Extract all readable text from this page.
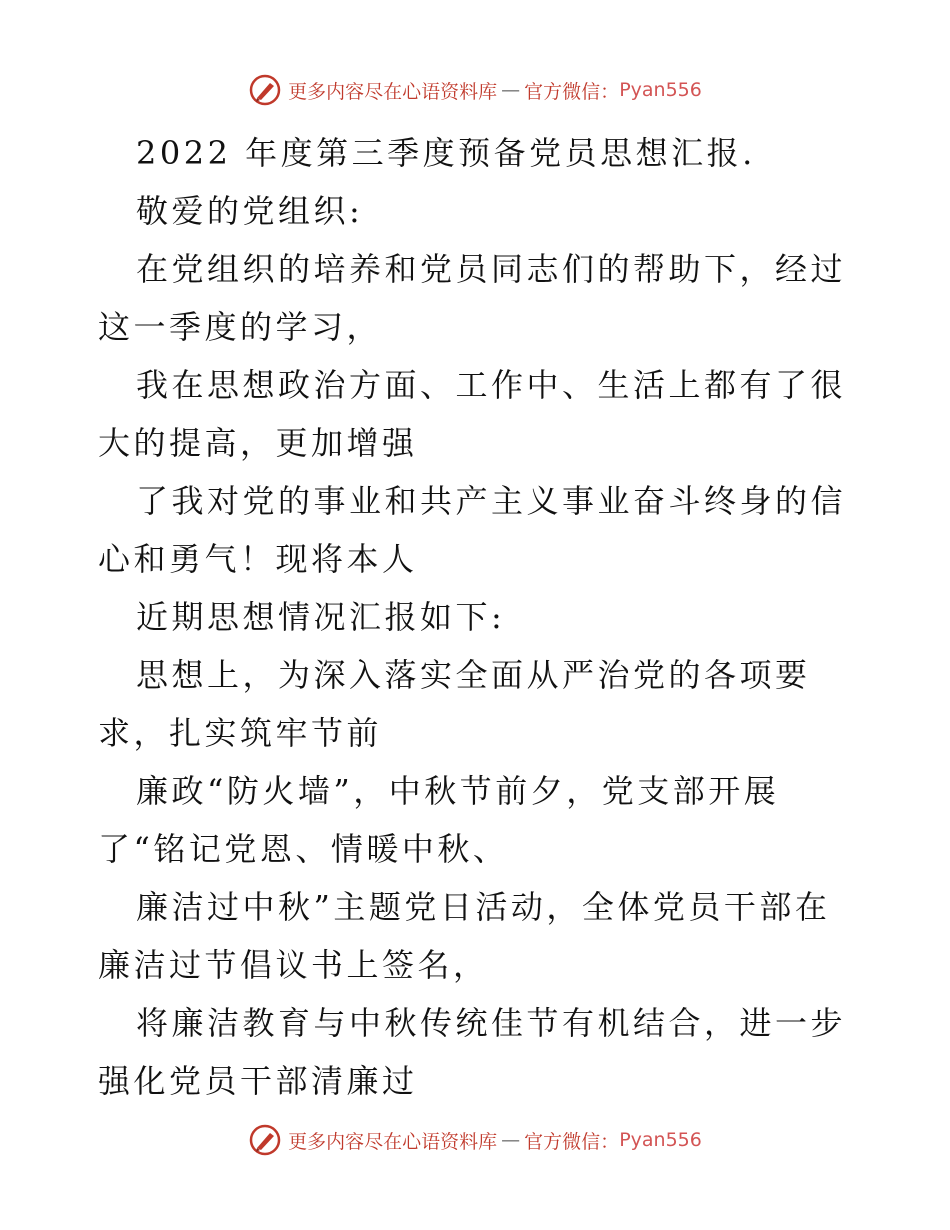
更多内容尽在心语资料库 — 官方微信： Pyan556

2022 年度第三季度预备党员思想汇报.

敬爱的党组织:

在党组织的培养和党员同志们的帮助下，经过这一季度的学习，

我在思想政治方面、工作中、生活上都有了很大的提高，更加增强

了我对党的事业和共产主义事业奋斗终身的信心和勇气！现将本人

近期思想情况汇报如下:

思想上，为深入落实全面从严治党的各项要求，扎实筑牢节前

廉政“防火墙”，中秋节前夕，党支部开展了“铭记党恩、情暖中秋、

廉洁过中秋”主题党日活动，全体党员干部在廉洁过节倡议书上签名，

将廉洁教育与中秋传统佳节有机结合，进一步强化党员干部清廉过

更多内容尽在心语资料库 — 官方微信： Pyan556
